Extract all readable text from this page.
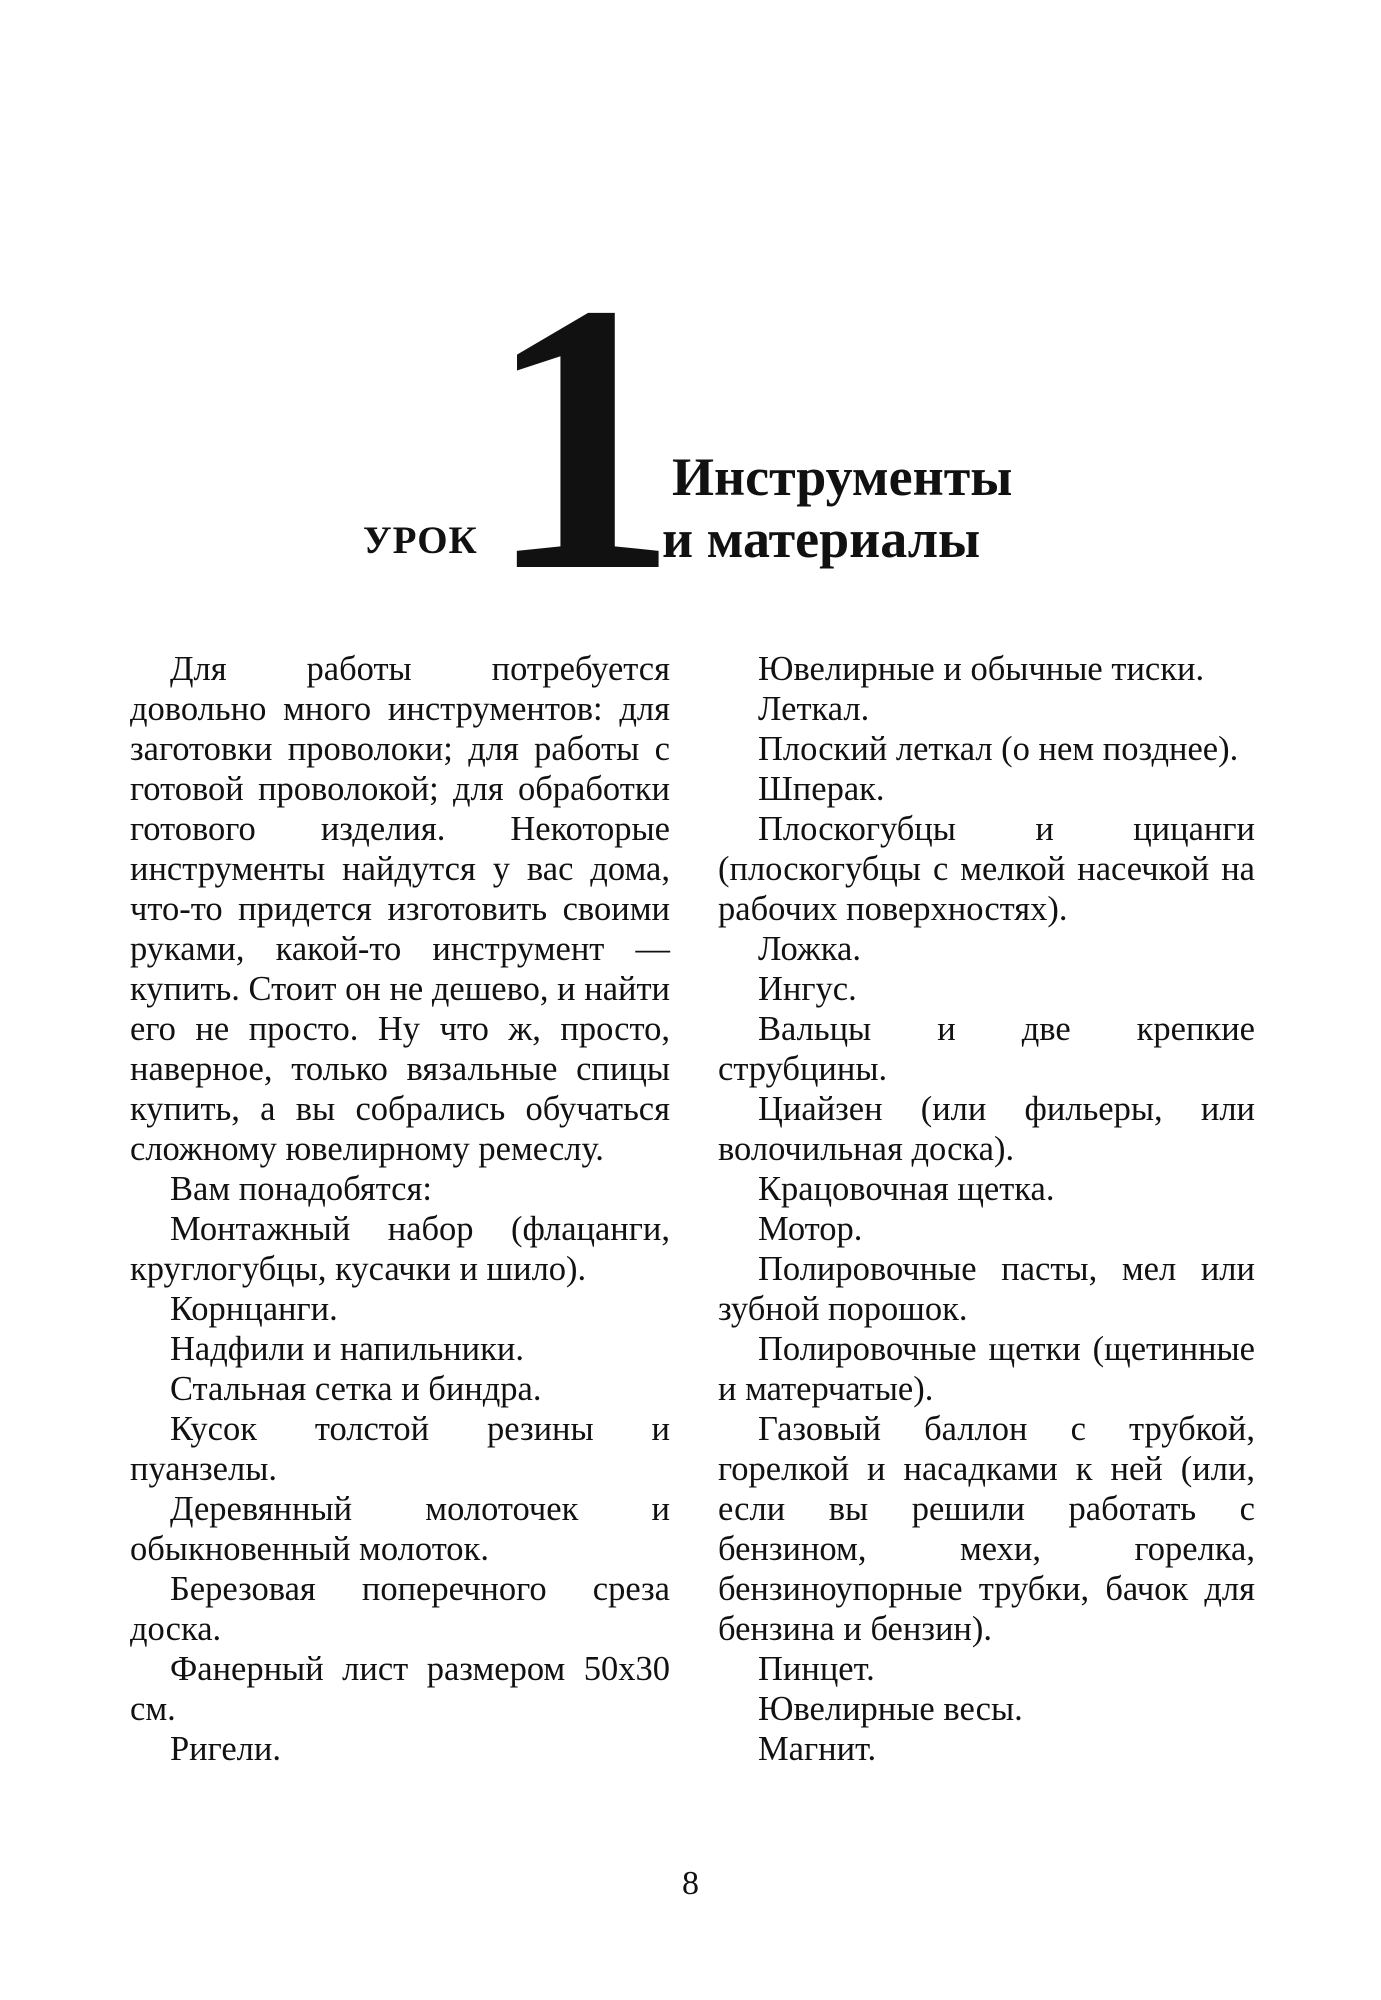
УРОК 1
Инструменты
и материалы

Для работы потребуется довольно много инструментов: для заготовки проволоки; для работы с готовой проволокой; для обработки готового изделия. Некоторые инструменты найдутся у вас дома, что-то придется изготовить своими руками, какой-то инструмент — купить. Стоит он не дешево, и найти его не просто. Ну что ж, просто, наверное, только вязальные спицы купить, а вы собрались обучаться сложному ювелирному ремеслу.

Вам понадобятся:

Монтажный набор (флацанги, круглогубцы, кусачки и шило).

Корнцанги.

Надфили и напильники.

Стальная сетка и биндра.

Кусок толстой резины и пуанзелы.

Деревянный молоточек и обыкновенный молоток.

Березовая поперечного среза доска.

Фанерный лист размером 50x30 см.

Ригели.

Ювелирные и обычные тиски.

Леткал.

Плоский леткал (о нем позднее).

Шперак.

Плоскогубцы и цицанги (плоскогубцы с мелкой насечкой на рабочих поверхностях).

Ложка.

Ингус.

Вальцы и две крепкие струбцины.

Циайзен (или фильеры, или волочильная доска).

Крацовочная щетка.

Мотор.

Полировочные пасты, мел или зубной порошок.

Полировочные щетки (щетинные и матерчатые).

Газовый баллон с трубкой, горелкой и насадками к ней (или, если вы решили работать с бензином, мехи, горелка, бензиноупорные трубки, бачок для бензина и бензин).

Пинцет.

Ювелирные весы.

Магнит.

8
